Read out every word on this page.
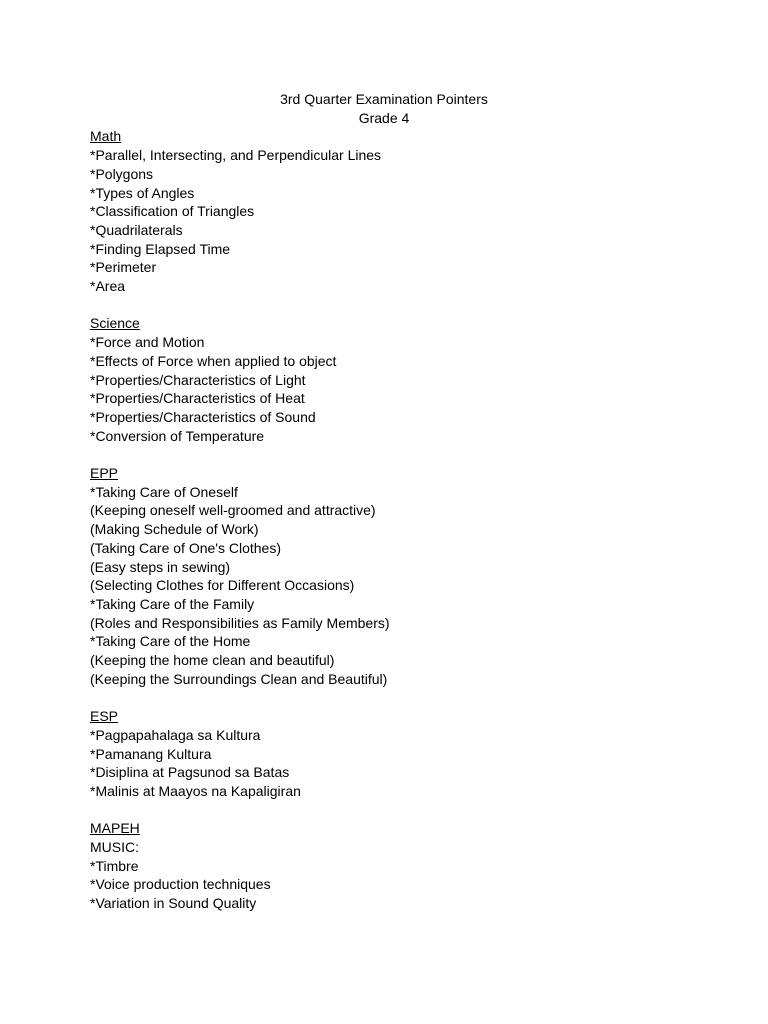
3rd Quarter Examination Pointers
Grade 4
Math
*Parallel, Intersecting, and Perpendicular Lines
*Polygons
*Types of Angles
*Classification of Triangles
*Quadrilaterals
*Finding Elapsed Time
*Perimeter
*Area
Science
*Force and Motion
*Effects of Force when applied to object
*Properties/Characteristics of Light
*Properties/Characteristics of Heat
*Properties/Characteristics of Sound
*Conversion of Temperature
EPP
*Taking Care of Oneself
(Keeping oneself well-groomed and attractive)
(Making Schedule of Work)
(Taking Care of One's Clothes)
(Easy steps in sewing)
(Selecting Clothes for Different Occasions)
*Taking Care of the Family
(Roles and Responsibilities as Family Members)
*Taking Care of the Home
(Keeping the home clean and beautiful)
(Keeping the Surroundings Clean and Beautiful)
ESP
*Pagpapahalaga sa Kultura
*Pamanang Kultura
*Disiplina at Pagsunod sa Batas
*Malinis at Maayos na Kapaligiran
MAPEH
MUSIC:
*Timbre
*Voice production techniques
*Variation in Sound Quality
